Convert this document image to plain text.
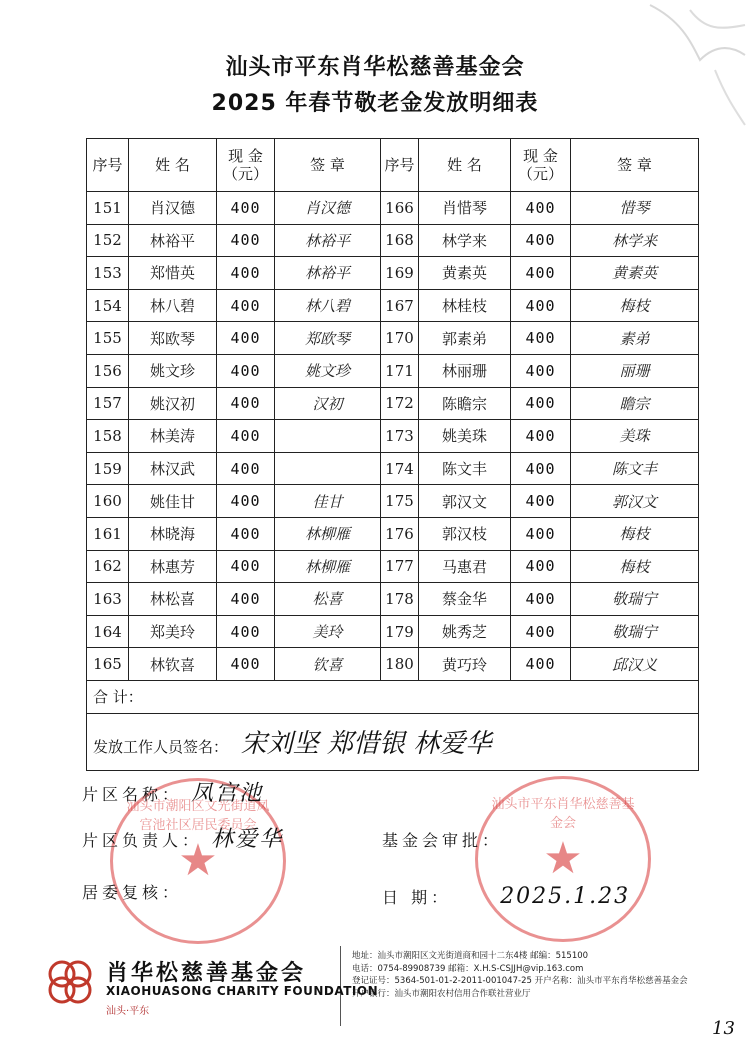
汕头市平东肖华松慈善基金会
2025 年春节敬老金发放明细表
序号	姓 名	现 金（元）	签 章	序号	姓 名	现 金（元）	签 章
151	肖汉德	400	肖汉德	166	肖惜琴	400	惜琴
152	林裕平	400	林裕平	168	林学来	400	林学来
153	郑惜英	400	林裕平	169	黄素英	400	黄素英
154	林八碧	400	林八碧	167	林桂枝	400	梅枝
155	郑欧琴	400	郑欧琴	170	郭素弟	400	素弟
156	姚文珍	400	姚文珍	171	林丽珊	400	丽珊
157	姚汉初	400	汉初	172	陈瞻宗	400	瞻宗
158	林美涛	400		173	姚美珠	400	美珠
159	林汉武	400		174	陈文丰	400	陈文丰
160	姚佳甘	400	佳甘	175	郭汉文	400	郭汉文
161	林晓海	400	林柳雁	176	郭汉枝	400	梅枝
162	林惠芳	400	林柳雁	177	马惠君	400	梅枝
163	林松喜	400	松喜	178	蔡金华	400	敬瑞宁
164	郑美玲	400	美玲	179	姚秀芝	400	敬瑞宁
165	林钦喜	400	钦喜	180	黄巧玲	400	邱汉义
合 计：							
发放工作人员签名： 宋刘坚 郑惜银 林爱华							
汕头市潮阳区文光街道凤宫池社区居民委员会
★
汕头市平东肖华松慈善基金会
★
片区名称： 凤宫池
片区负责人： 林爱华
居委复核：
基金会审批：
日 期： 2025.1.23
肖华松慈善基金会
XIAOHUASONG CHARITY FOUNDATION
汕头·平东
地址：汕头市潮阳区文光街道商和园十二东4楼 邮编：515100
电话：0754-89908739 邮箱：X.H.S-CSJJH@vip.163.com
登记证号：5364-501-01-2-2011-001047-25 开户名称：汕头市平东肖华松慈善基金会
开户银行：汕头市潮阳农村信用合作联社营业厅
13
